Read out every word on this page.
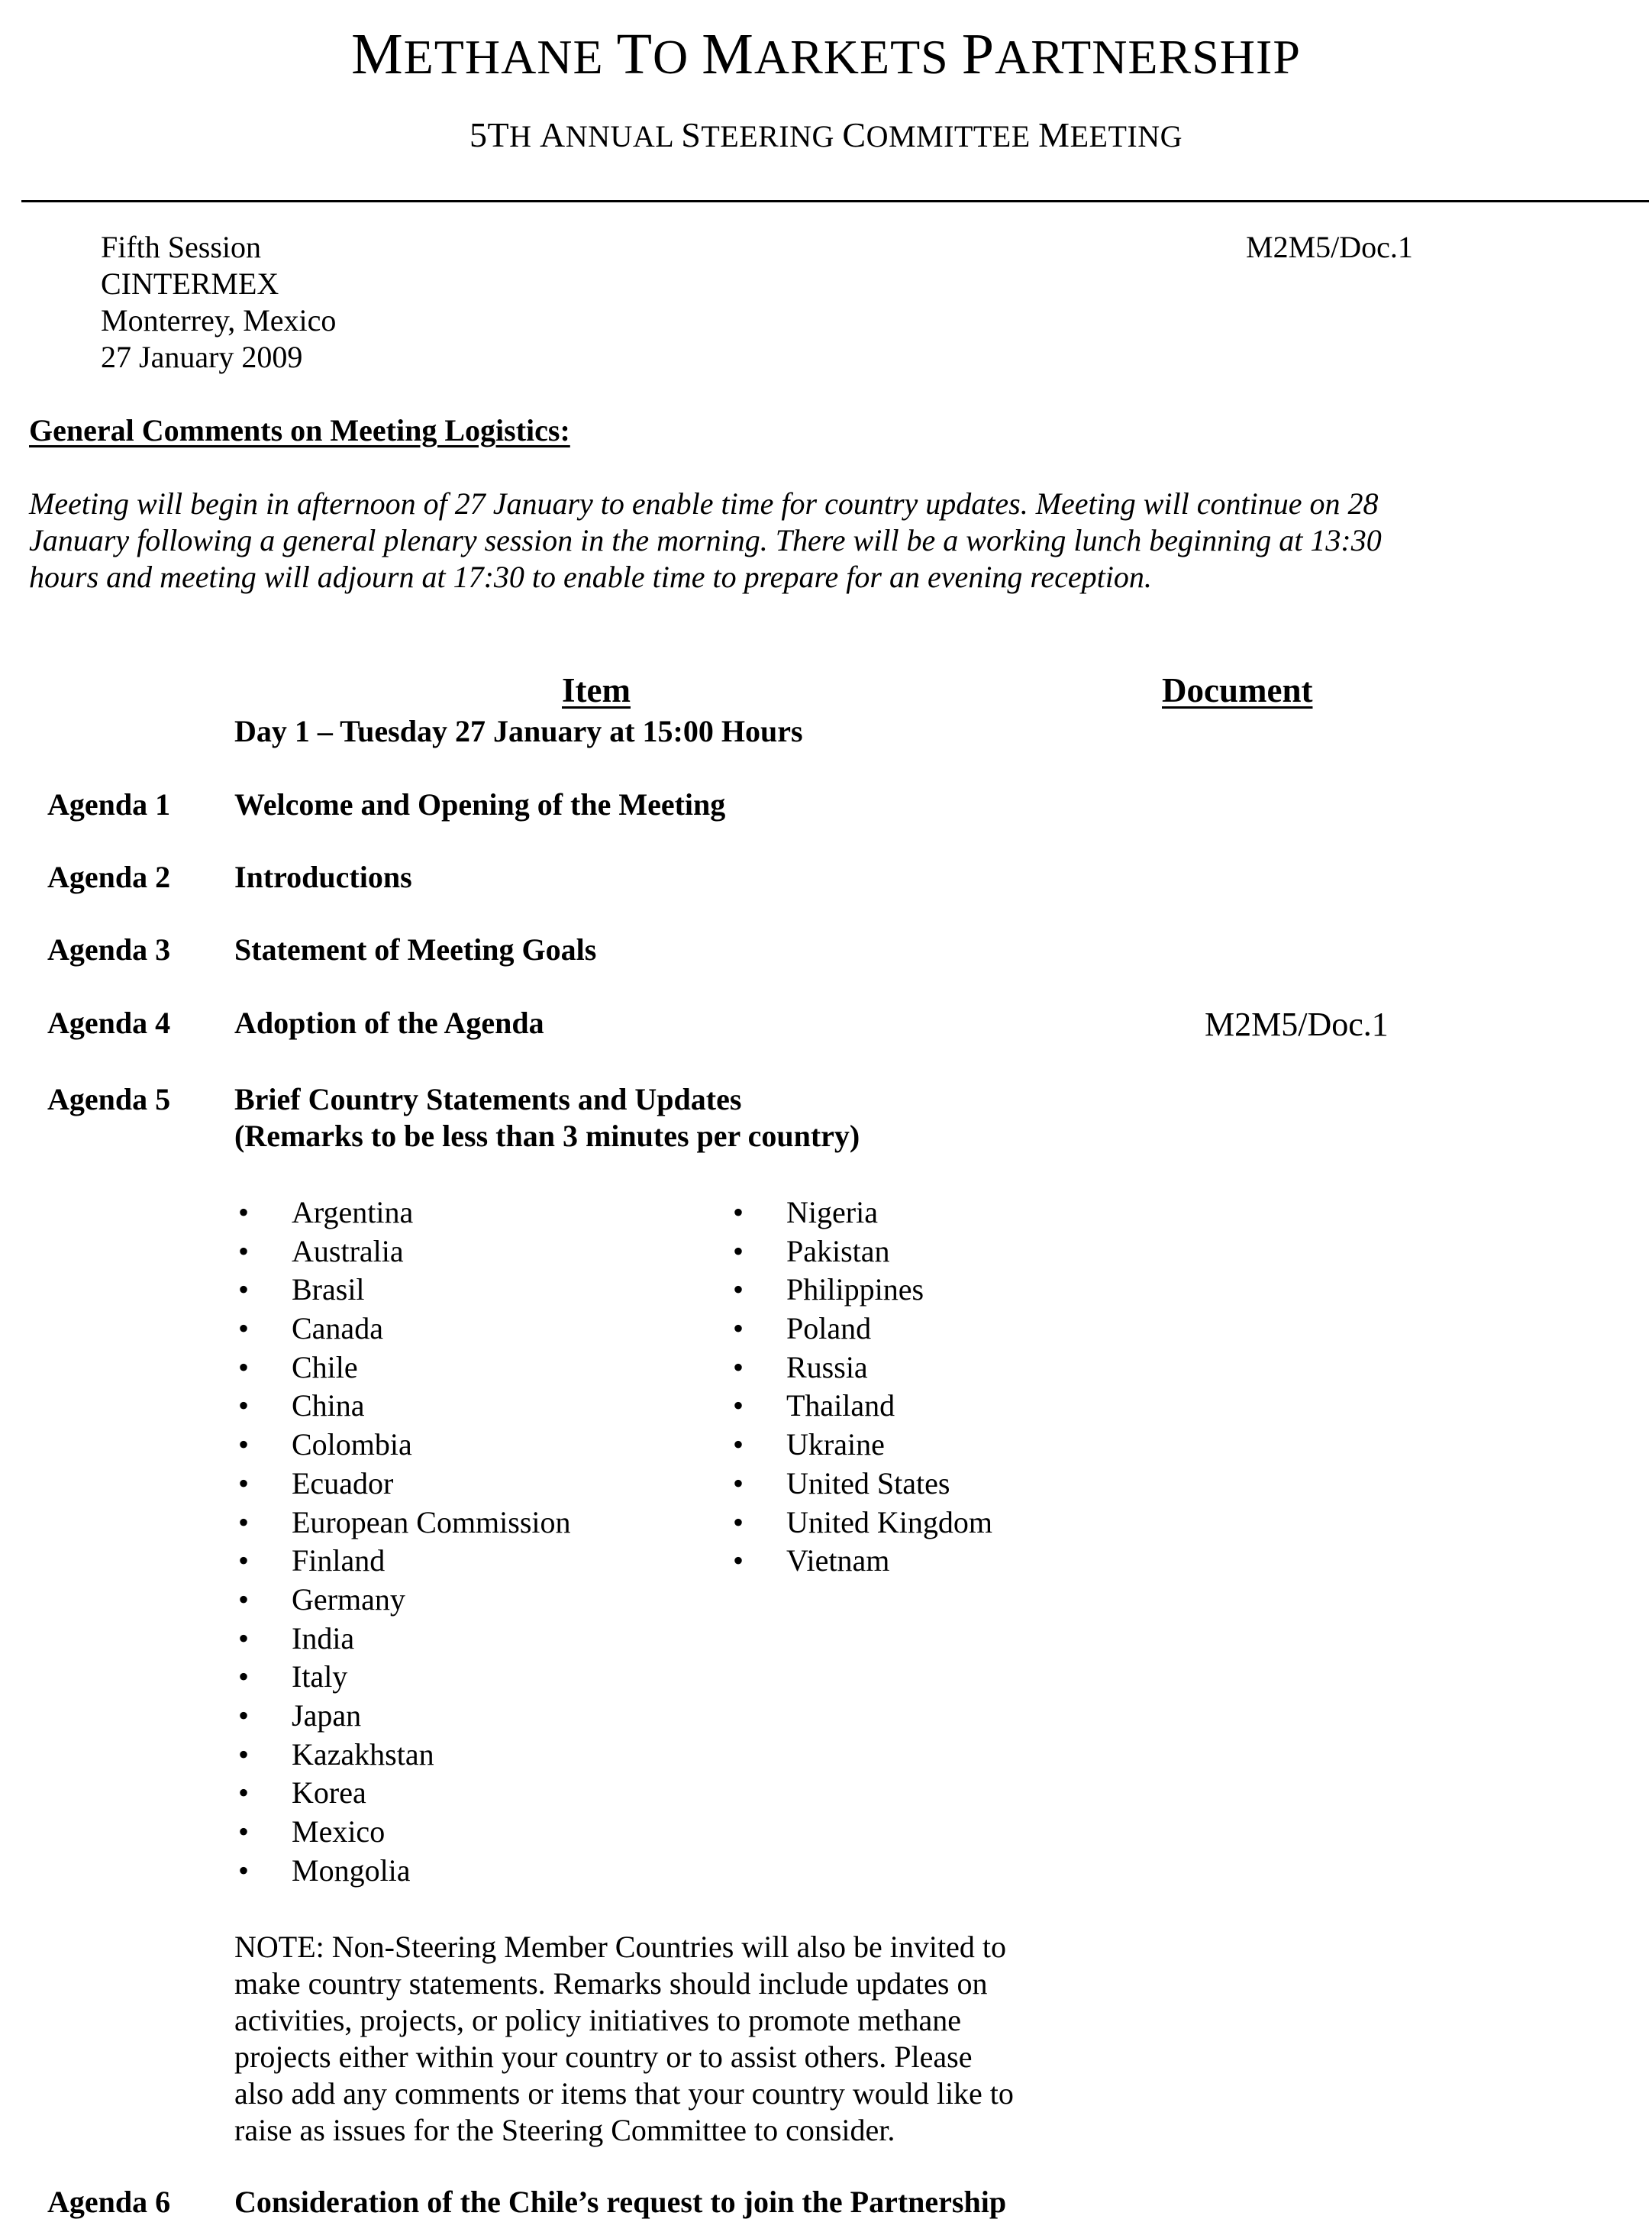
METHANE TO MARKETS PARTNERSHIP
5TH ANNUAL STEERING COMMITTEE MEETING
Fifth Session
CINTERMEX
Monterrey, Mexico
27 January 2009
M2M5/Doc.1
General Comments on Meeting Logistics:
Meeting will begin in afternoon of 27 January to enable time for country updates. Meeting will continue on 28
January following a general plenary session in the morning. There will be a working lunch beginning at 13:30
hours and meeting will adjourn at 17:30 to enable time to prepare for an evening reception.
Item	Document
Day 1 – Tuesday 27 January at 15:00 Hours
Agenda 1 Welcome and Opening of the Meeting
Agenda 2 Introductions
Agenda 3 Statement of Meeting Goals
Agenda 4 Adoption of the Agenda	M2M5/Doc.1
Agenda 5 Brief Country Statements and Updates
(Remarks to be less than 3 minutes per country)
• Argentina
• Australia
• Brasil
• Canada
• Chile
• China
• Colombia
• Ecuador
• European Commission
• Finland
• Germany
• India
• Italy
• Japan
• Kazakhstan
• Korea
• Mexico
• Mongolia
• Nigeria
• Pakistan
• Philippines
• Poland
• Russia
• Thailand
• Ukraine
• United States
• United Kingdom
• Vietnam
NOTE: Non-Steering Member Countries will also be invited to
make country statements. Remarks should include updates on
activities, projects, or policy initiatives to promote methane
projects either within your country or to assist others. Please
also add any comments or items that your country would like to
raise as issues for the Steering Committee to consider.
Agenda 6 Consideration of the Chile’s request to join the Partnership
